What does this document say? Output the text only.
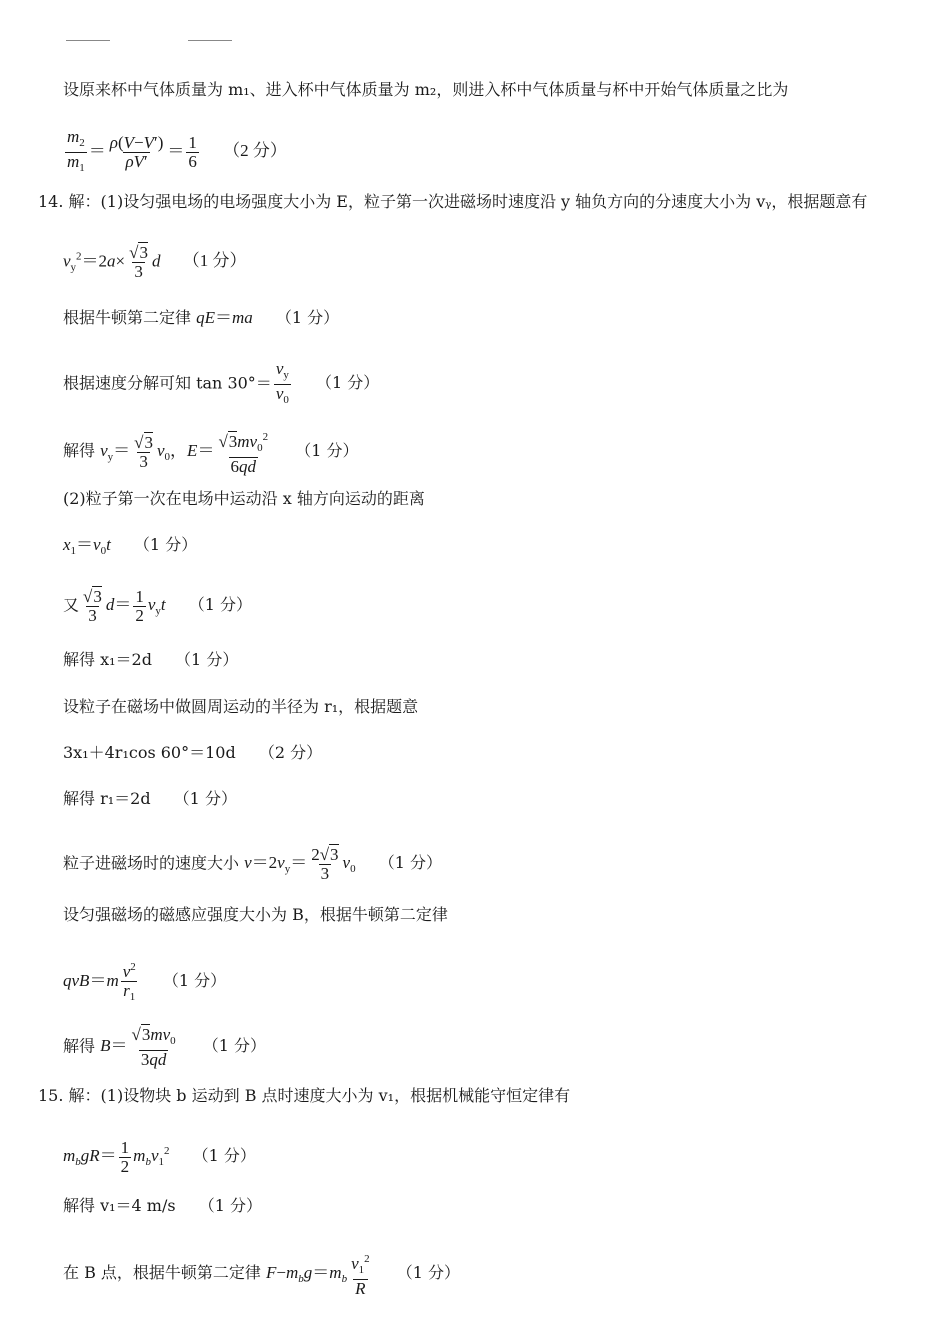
设原来杯中气体质量为 m₁、进入杯中气体质量为 m₂，则进入杯中气体质量与杯中开始气体质量之比为
$\frac{m_2}{m_1} = \frac{\rho(V-V')}{\rho V'} = \frac{1}{6} (2$ 分）
14. 解：(1)设匀强电场的电场强度大小为 E，粒子第一次进磁场时速度沿 y 轴负方向的分速度大小为 vᵧ，根据题意有
$v_y^2=2a\times \frac{√3}{3}$ d （1 分）
根据牛顿第二定律 qE＝ma （1 分）
根据速度分解可知 $\tan 30^\circ= \frac{v_y}{v_0} (1$ 分）
解得 $v_y= \frac{√3}{3} v_0$，$E= \frac{√3mv_0^2}{6qd} (1$ 分）
(2)粒子第一次在电场中运动沿 x 轴方向运动的距离
$x_1=v_0t$ （1 分）
又 $\frac{√3}{3} d= \frac{1}{2} v_yt$ （1 分）
解得 x₁＝2d （1 分）
设粒子在磁场中做圆周运动的半径为 r₁，根据题意
3x₁＋4r₁cos 60°＝10d （2 分）
解得 r₁＝2d （1 分）
粒子进磁场时的速度大小 $v=2v_y= \frac{2√3}{3} v_0$ （1 分）
设匀强磁场的磁感应强度大小为 B，根据牛顿第二定律
$qvB=m \frac{v^2}{r_1} (1$ 分）
解得 $B= \frac{√3mv_0}{3qd} (1$ 分）
15. 解：(1)设物块 b 运动到 B 点时速度大小为 v₁，根据机械能守恒定律有
$m_bgR= \frac{1}{2} m_bv_1^2$ （1 分）
解得 v₁＝4 m/s （1 分）
在 B 点，根据牛顿第二定律 $F-m_bg=m_b \frac{v_1^2}{R} (1$ 分）
